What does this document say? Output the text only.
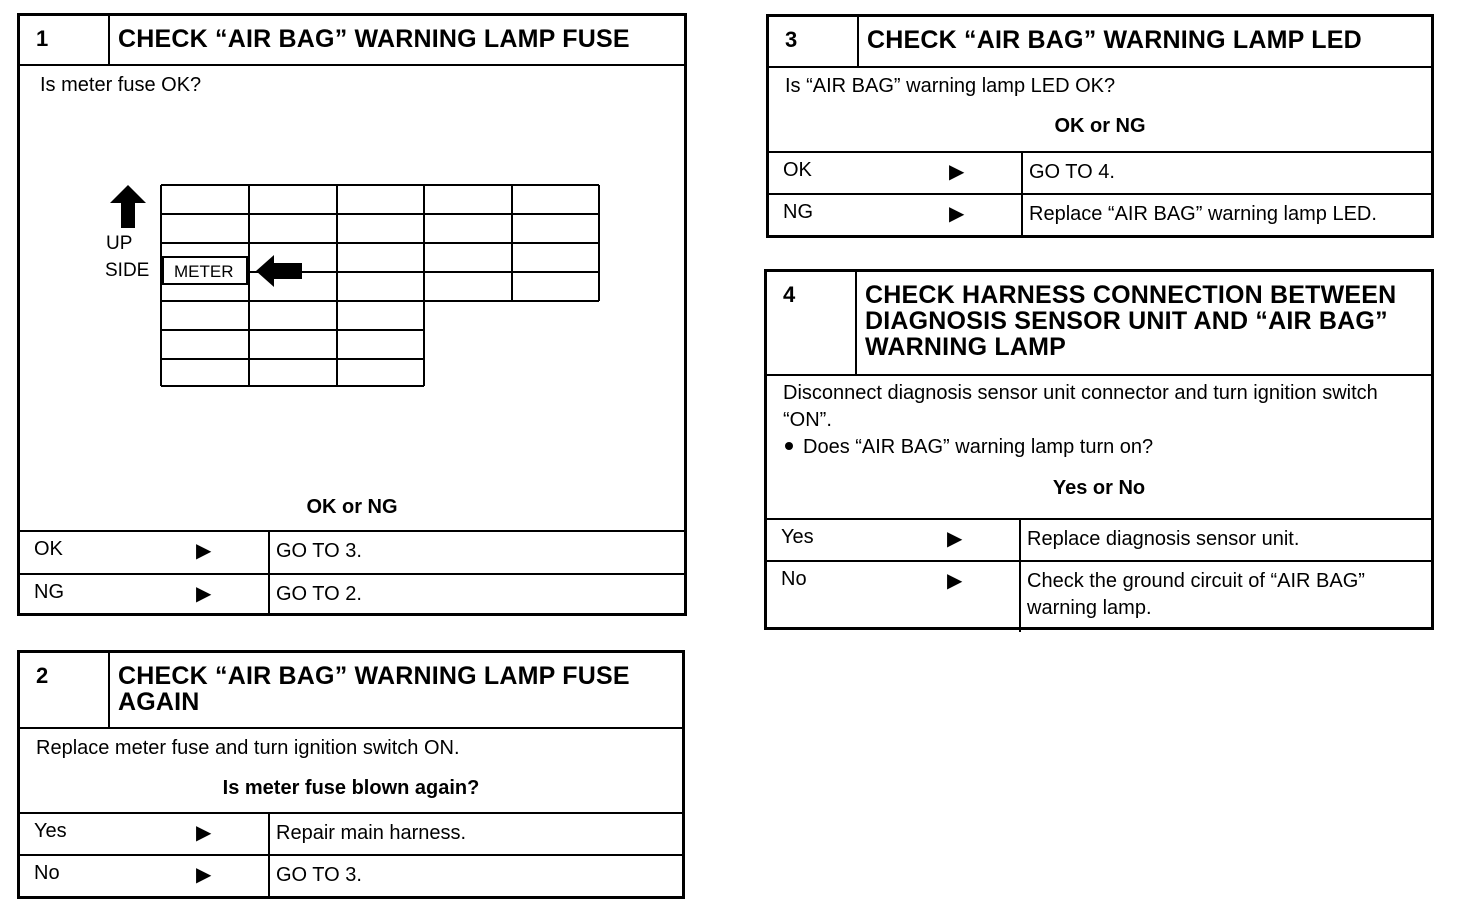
1	CHECK “AIR BAG” WARNING LAMP FUSE
Is meter fuse OK?
UP
SIDE METER
OK or NG
OK	▶	GO TO 3.
NG	▶	GO TO 2.
2	CHECK “AIR BAG” WARNING LAMP FUSE AGAIN
Replace meter fuse and turn ignition switch ON.
Is meter fuse blown again?
Yes	▶	Repair main harness.
No	▶	GO TO 3.
3	CHECK “AIR BAG” WARNING LAMP LED
Is “AIR BAG” warning lamp LED OK?
OK or NG
OK	▶	GO TO 4.
NG	▶	Replace “AIR BAG” warning lamp LED.
4	CHECK HARNESS CONNECTION BETWEEN DIAGNOSIS SENSOR UNIT AND “AIR BAG” WARNING LAMP
Disconnect diagnosis sensor unit connector and turn ignition switch “ON”.
Does “AIR BAG” warning lamp turn on?
Yes or No
Yes	▶	Replace diagnosis sensor unit.
No	▶	Check the ground circuit of “AIR BAG” warning lamp.
